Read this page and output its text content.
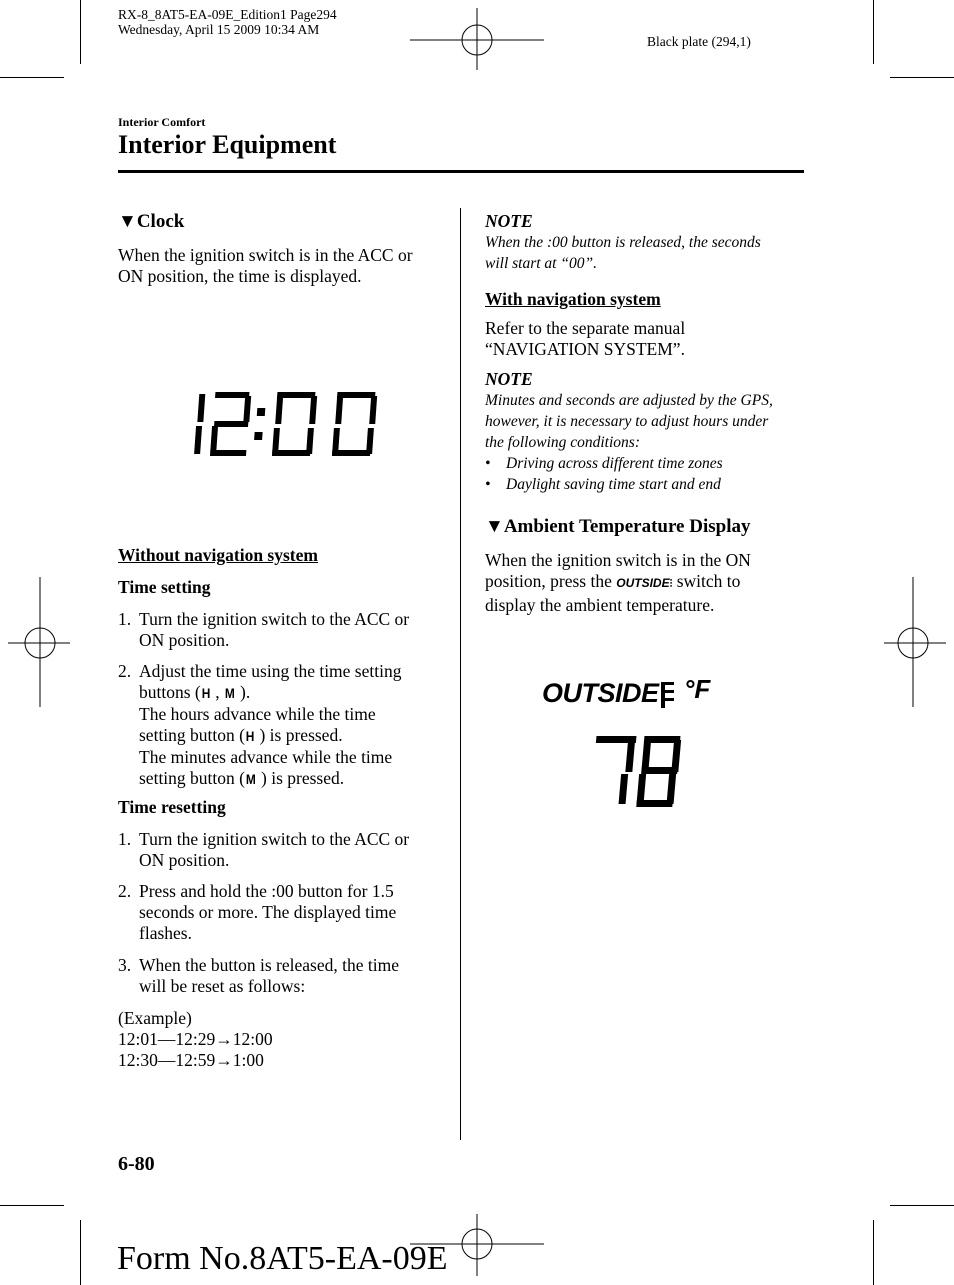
RX-8_8AT5-EA-09E_Edition1 Page294
Wednesday, April 15 2009 10:34 AM
Black plate (294,1)
Interior Comfort
Interior Equipment
▼Clock
When the ignition switch is in the ACC or
ON position, the time is displayed.
Without navigation system
Time setting
1. Turn the ignition switch to the ACC or
ON position.
2. Adjust the time using the time setting
buttons (H , M ).
The hours advance while the time
setting button (H ) is pressed.
The minutes advance while the time
setting button (M ) is pressed.
Time resetting
1. Turn the ignition switch to the ACC or
ON position.
2. Press and hold the :00 button for 1.5
seconds or more. The displayed time
flashes.
3. When the button is released, the time
will be reset as follows:
(Example)
12:01―12:29→12:00
12:30―12:59→1:00
NOTE
When the :00 button is released, the seconds
will start at “00”.
With navigation system
Refer to the separate manual
“NAVIGATION SYSTEM”.
NOTE
Minutes and seconds are adjusted by the GPS,
however, it is necessary to adjust hours under
the following conditions:
• Driving across different time zones
• Daylight saving time start and end
▼Ambient Temperature Display
When the ignition switch is in the ON
position, press the OUTSIDE⫶ switch to
display the ambient temperature.
OUTSIDE °F
6-80
Form No.8AT5-EA-09E
